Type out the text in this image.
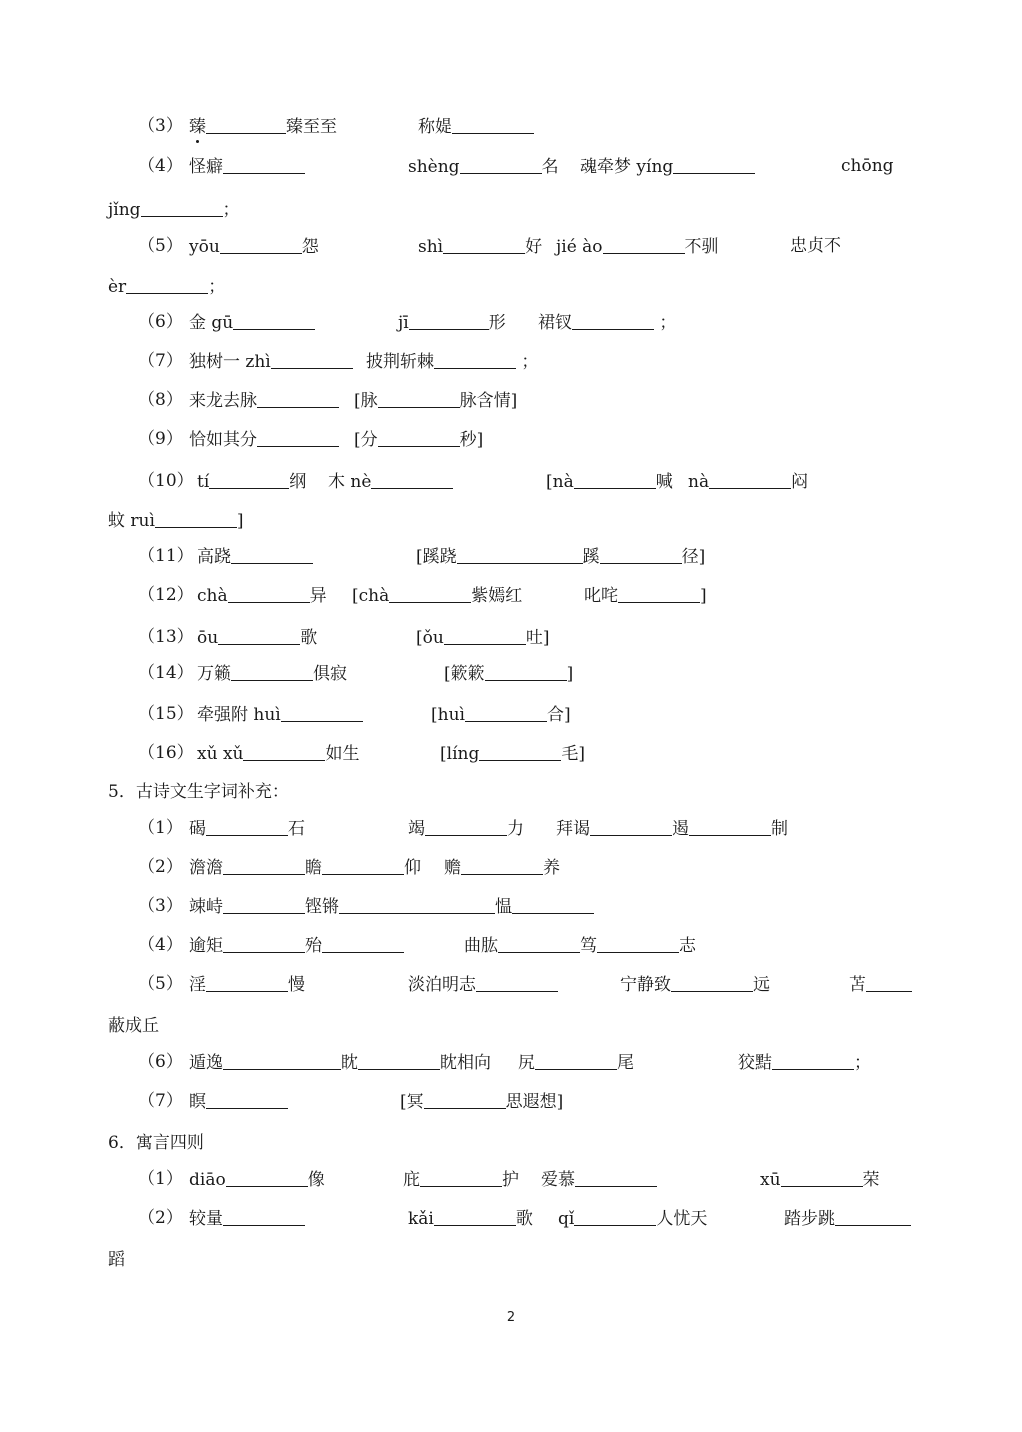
（3） 臻	臻至至	称媞
（4） 怪癖	shèng	名 魂牵梦 yíng	chōng
jǐng	；
（5） yōu	怨	shì	好 jié ào	不驯	忠贞不
èr	；
（6） 金 gū	jī	形 裙钗	；
（7） 独树一 zhì	披荆斩棘	；
（8） 来龙去脉	[脉	脉含情]
（9） 恰如其分	[分	秒]
（10） tí	纲 木 nè	[nà	喊 nà	闷
蚊 ruì	]
（11） 高跷	[蹊跷	蹊	径]
（12） chà	异 [chà	紫嫣红	叱咤	]
（13） ōu	歌	[ǒu	吐]
（14） 万籁	俱寂	[簌簌	]
（15） 牵强附 huì	[huì	合]
（16） xǔ xǔ	如生	[líng	毛]
5．古诗文生字词补充：
（1） 碣	石	竭	力 拜谒	遏	制
（2） 澹澹	瞻	仰 赡	养
（3） 竦峙	铿锵	愠
（4） 逾矩	殆	曲肱	笃	志
（5） 淫	慢	淡泊明志	宁静致	远	苫
蔽成丘
（6） 遁逸	眈	眈相向 尻	尾	狡黠	；
（7） 瞑	[冥	思遐想]
6．寓言四则
（1） diāo	像	庇	护 爱慕	xū	荣
（2） 较量	kǎi	歌 qǐ	人忧天	踏步跳
蹈
2
